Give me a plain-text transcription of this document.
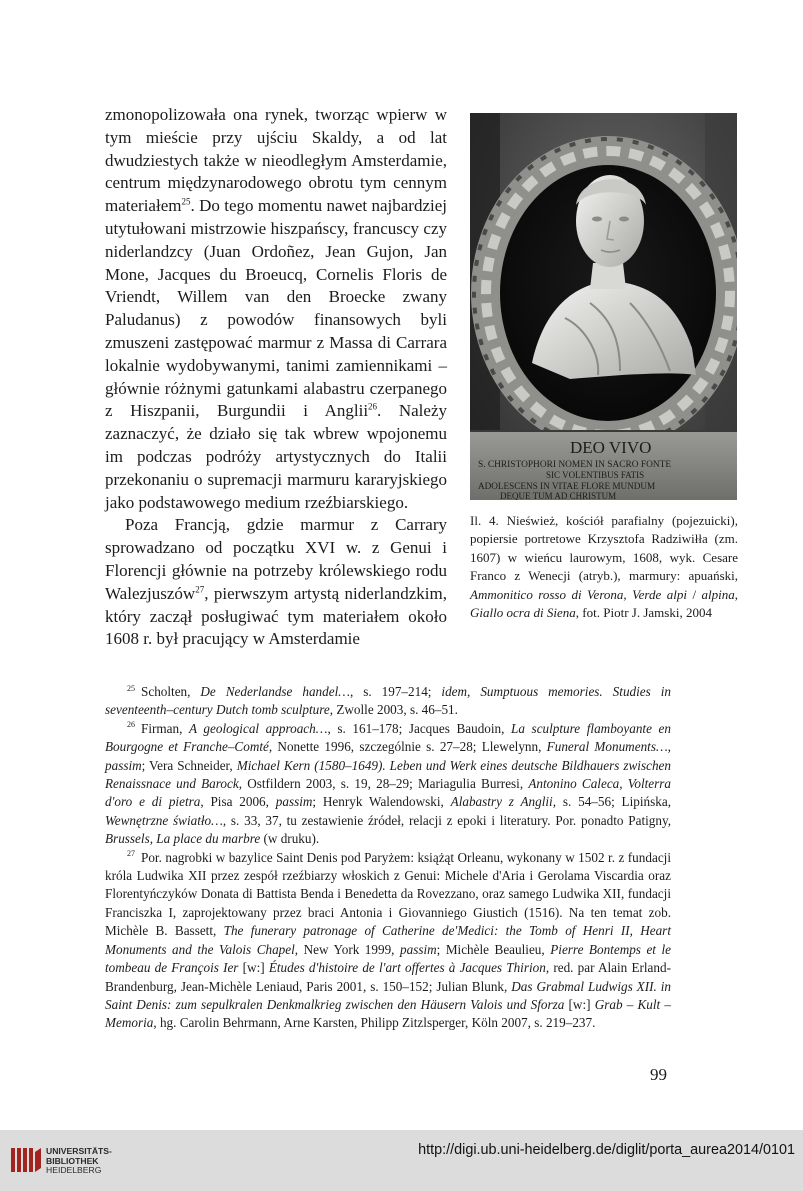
zmonopolizowała ona rynek, tworząc wpierw w tym mieście przy ujściu Skaldy, a od lat dwudziestych także w nieodległym Amsterdamie, centrum międzynarodowego obrotu tym cennym materiałem$^{25}$. Do tego momentu nawet najbardziej utytułowani mistrzowie hiszpańscy, francuscy czy niderlandzcy (Juan Ordoñez, Jean Gujon, Jan Mone, Jacques du Broeucq, Cornelis Floris de Vriendt, Willem van den Broecke zwany Paludanus) z powodów finansowych byli zmuszeni zastępować marmur z Massa di Carrara lokalnie wydobywanymi, tanimi zamiennikami – głównie różnymi gatunkami alabastru czerpanego z Hiszpanii, Burgundii i Anglii$^{26}$. Należy zaznaczyć, że działo się tak wbrew wpojonemu im podczas podróży artystycznych do Italii przekonaniu o supremacji marmuru kararyjskiego jako podstawowego medium rzeźbiarskiego.

Poza Francją, gdzie marmur z Carrary sprowadzano od początku XVI w. z Genui i Florencji głównie na potrzeby królewskiego rodu Walezjuszów$^{27}$, pierwszym artystą niderlandzkim, który zaczął posługiwać tym materiałem około 1608 r. był pracujący w Amsterdamie

DEO VIVO
S. CHRISTOPHORI NOMEN IN SACRO FONTE
SIC VOLENTIBUS FATIS
ADOLESCENS IN VITAE FLORE MUNDUM
DEQUE TUM AD CHRISTUM
Il. 4. Nieśwież, kościół parafialny (pojezuicki), popiersie portretowe Krzysztofa Radziwiłła (zm. 1607) w wieńcu laurowym, 1608, wyk. Cesare Franco z Wenecji (atryb.), marmury: apuański, Ammonitico rosso di Verona, Verde alpi / alpina, Giallo ocra di Siena, fot. Piotr J. Jamski, 2004

$^{25}$ Scholten, De Nederlandse handel…, s. 197–214; idem, Sumptuous memories. Studies in seventeenth–century Dutch tomb sculpture, Zwolle 2003, s. 46–51.

$^{26}$ Firman, A geological approach…, s. 161–178; Jacques Baudoin, La sculpture flamboyante en Bourgogne et Franche–Comté, Nonette 1996, szczególnie s. 27–28; Llewelynn, Funeral Monuments…, passim; Vera Schneider, Michael Kern (1580–1649). Leben und Werk eines deutsche Bildhauers zwischen Renaissnace und Barock, Ostfildern 2003, s. 19, 28–29; Mariagulia Burresi, Antonino Caleca, Volterra d'oro e di pietra, Pisa 2006, passim; Henryk Walendowski, Alabastry z Anglii, s. 54–56; Lipińska, Wewnętrzne światło…, s. 33, 37, tu zestawienie źródeł, relacji z epoki i literatury. Por. ponadto Patigny, Brussels, La place du marbre (w druku).

$^{27}$ Por. nagrobki w bazylice Saint Denis pod Paryżem: książąt Orleanu, wykonany w 1502 r. z fundacji króla Ludwika XII przez zespół rzeźbiarzy włoskich z Genui: Michele d'Aria i Gerolama Viscardia oraz Florentyńczyków Donata di Battista Benda i Benedetta da Rovezzano, oraz samego Ludwika XII, fundacji Franciszka I, zaprojektowany przez braci Antonia i Giovanniego Giustich (1516). Na ten temat zob. Michèle B. Bassett, The funerary patronage of Catherine de'Medici: the Tomb of Henri II, Heart Monuments and the Valois Chapel, New York 1999, passim; Michèle Beaulieu, Pierre Bontemps et le tombeau de François Ier [w:] Études d'histoire de l'art offertes à Jacques Thirion, red. par Alain Erland-Brandenburg, Jean-Michèle Leniaud, Paris 2001, s. 150–152; Julian Blunk, Das Grabmal Ludwigs XII. in Saint Denis: zum sepulkralen Denkmalkrieg zwischen den Häusern Valois und Sforza [w:] Grab – Kult – Memoria, hg. Carolin Behrmann, Arne Karsten, Philipp Zitzlsperger, Köln 2007, s. 219–237.

99
UNIVERSITÄTS-
BIBLIOTHEK
HEIDELBERG
http://digi.ub.uni-heidelberg.de/diglit/porta_aurea2014/0101
